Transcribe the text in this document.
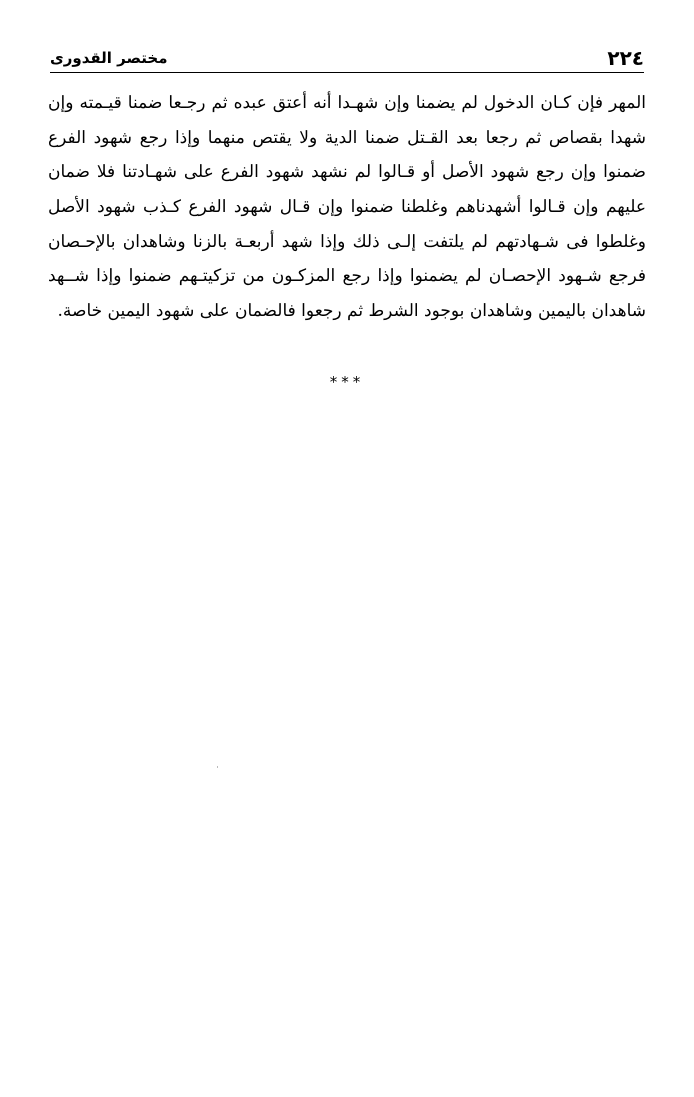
٢٢٤
مختصر القدورى
المهر فإن كـان الدخول لم يضمنا وإن شهـدا أنه أعتق عبده ثم رجـعا ضمنا قيـمته وإن
شهدا بقصاص ثم رجعا بعد القـتل ضمنا الدية ولا يقتص منهما وإذا رجع شهود الفرع
ضمنوا وإن رجع شهود الأصل أو قـالوا لم نشهد شهود الفرع على شهـادتنا فلا ضمان
عليهم وإن قـالوا أشهدناهم وغلطنا ضمنوا وإن قـال شهود الفرع كـذب شهود الأصل
وغلطوا فى شـهادتهم لم يلتفت إلـى ذلك وإذا شهد أربعـة بالزنا وشاهدان بالإحـصان
فرجع شـهود الإحصـان لم يضمنوا وإذا رجع المزكـون من تزكيتـهم ضمنوا وإذا شــهد
شاهدان باليمين وشاهدان بوجود الشرط ثم رجعوا فالضمان على شهود اليمين خاصة.
***
